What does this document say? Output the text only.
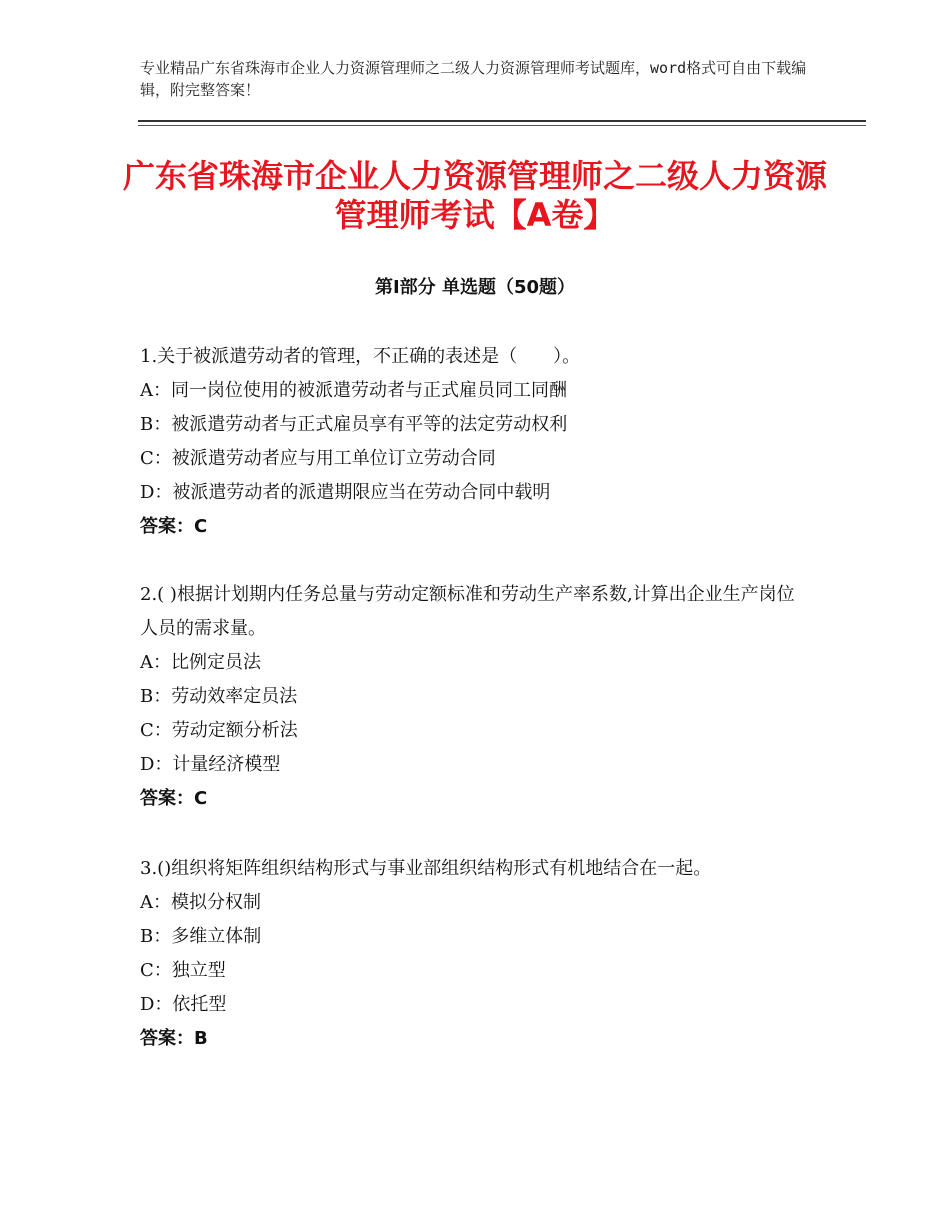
专业精品广东省珠海市企业人力资源管理师之二级人力资源管理师考试题库，word格式可自由下载编辑，附完整答案！
广东省珠海市企业人力资源管理师之二级人力资源管理师考试【A卷】
第Ⅰ部分 单选题（50题）

1.关于被派遣劳动者的管理，不正确的表述是（　　）。

A：同一岗位使用的被派遣劳动者与正式雇员同工同酬

B：被派遣劳动者与正式雇员享有平等的法定劳动权利

C：被派遣劳动者应与用工单位订立劳动合同

D：被派遣劳动者的派遣期限应当在劳动合同中载明

答案：C

2.( )根据计划期内任务总量与劳动定额标准和劳动生产率系数,计算出企业生产岗位人员的需求量。

A：比例定员法

B：劳动效率定员法

C：劳动定额分析法

D：计量经济模型

答案：C

3.()组织将矩阵组织结构形式与事业部组织结构形式有机地结合在一起。

A：模拟分权制

B：多维立体制

C：独立型

D：依托型

答案：B
